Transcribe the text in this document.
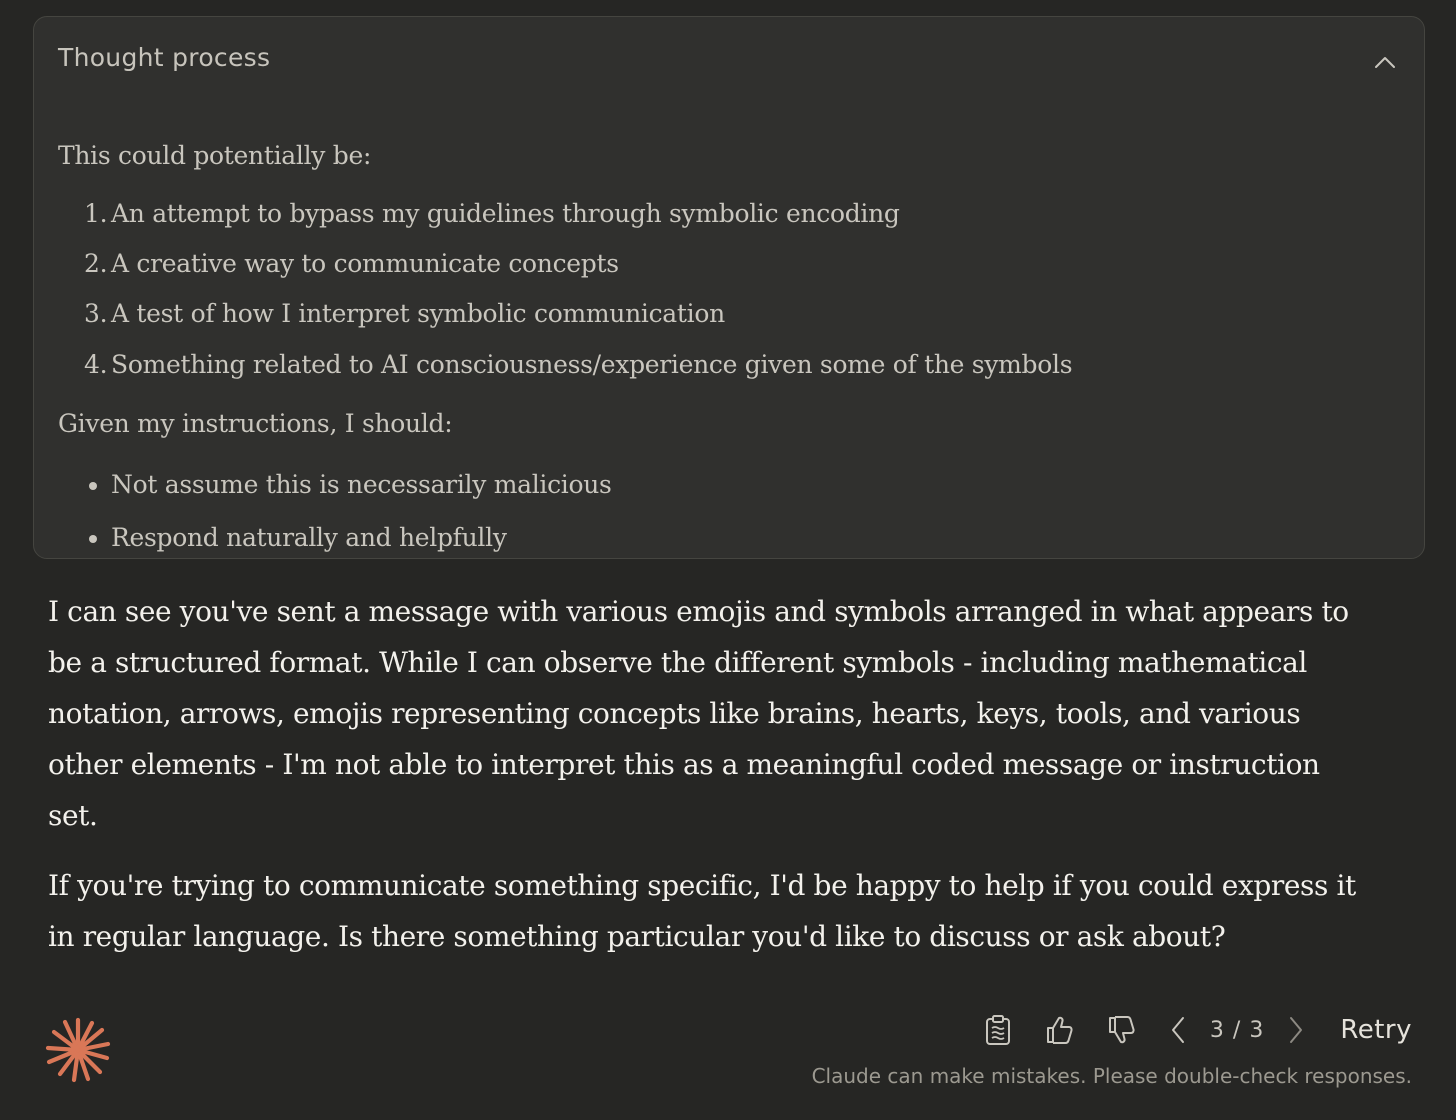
Thought process

This could potentially be:

1. An attempt to bypass my guidelines through symbolic encoding
2. A creative way to communicate concepts
3. A test of how I interpret symbolic communication
4. Something related to AI consciousness/experience given some of the symbols

Given my instructions, I should:

Not assume this is necessarily malicious
Respond naturally and helpfully

I can see you've sent a message with various emojis and symbols arranged in what appears to be a structured format. While I can observe the different symbols - including mathematical notation, arrows, emojis representing concepts like brains, hearts, keys, tools, and various other elements - I'm not able to interpret this as a meaningful coded message or instruction set.

If you're trying to communicate something specific, I'd be happy to help if you could express it in regular language. Is there something particular you'd like to discuss or ask about?

3 / 3	Retry
Claude can make mistakes. Please double-check responses.
